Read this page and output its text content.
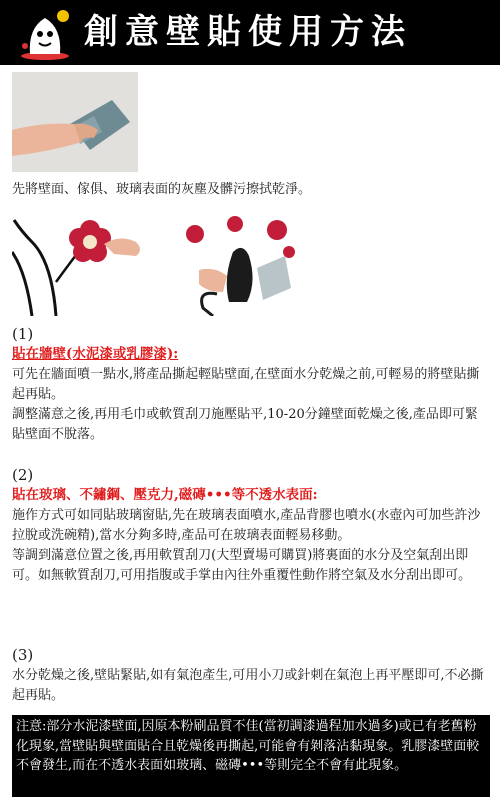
創意壁貼使用方法
先將壁面、傢俱、玻璃表面的灰塵及髒污擦拭乾淨。
(1)
貼在牆壁(水泥漆或乳膠漆):

可先在牆面噴一點水,將產品撕起輕貼壁面,在壁面水分乾燥之前,可輕易的將壁貼撕起再貼。

調整滿意之後,再用毛巾或軟質刮刀施壓貼平,10-20分鐘壁面乾燥之後,產品即可緊貼壁面不脫落。

(2)
貼在玻璃、不鏽鋼、壓克力,磁磚•••等不透水表面:

施作方式可如同貼玻璃窗貼,先在玻璃表面噴水,產品背膠也噴水(水壺內可加些許沙拉脫或洗碗精),當水分夠多時,產品可在玻璃表面輕易移動。

等調到滿意位置之後,再用軟質刮刀(大型賣場可購買)將裏面的水分及空氣刮出即可。如無軟質刮刀,可用指腹或手掌由內往外重覆性動作將空氣及水分刮出即可。

(3)

水分乾燥之後,壁貼緊貼,如有氣泡產生,可用小刀或針刺在氣泡上再平壓即可,不必撕起再貼。

注意:部分水泥漆壁面,因原本粉刷品質不佳(當初調漆過程加水過多)或已有老舊粉化現象,當壁貼與壁面貼合且乾燥後再撕起,可能會有剝落沾黏現象。乳膠漆壁面較不會發生,而在不透水表面如玻璃、磁磚•••等則完全不會有此現象。
